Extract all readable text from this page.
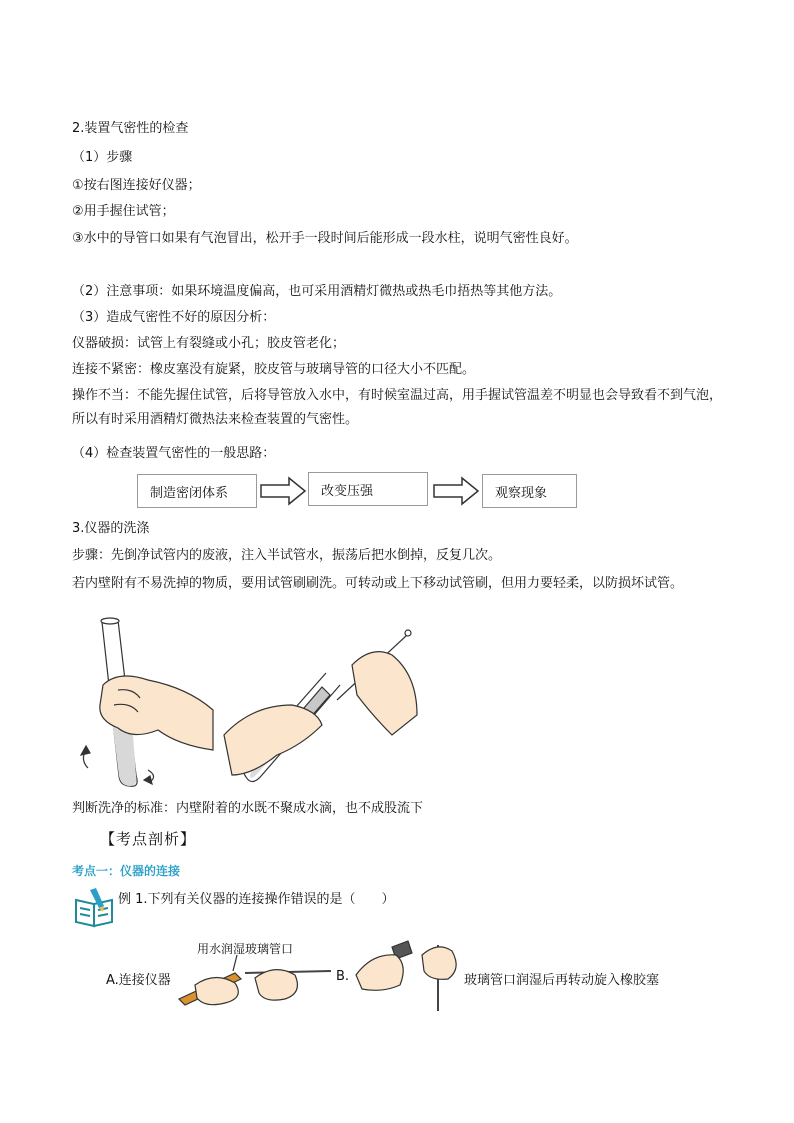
2.装置气密性的检查
（1）步骤
①按右图连接好仪器；
②用手握住试管；
③水中的导管口如果有气泡冒出，松开手一段时间后能形成一段水柱，说明气密性良好。
（2）注意事项：如果环境温度偏高，也可采用酒精灯微热或热毛巾捂热等其他方法。
（3）造成气密性不好的原因分析：
仪器破损：试管上有裂缝或小孔；胶皮管老化；
连接不紧密：橡皮塞没有旋紧，胶皮管与玻璃导管的口径大小不匹配。
操作不当：不能先握住试管，后将导管放入水中，有时候室温过高，用手握试管温差不明显也会导致看不到气泡，所以有时采用酒精灯微热法来检查装置的气密性。
（4）检查装置气密性的一般思路：
制造密闭体系	改变压强	观察现象
3.仪器的洗涤
步骤：先倒净试管内的废液，注入半试管水，振荡后把水倒掉，反复几次。
若内壁附有不易洗掉的物质，要用试管刷刷洗。可转动或上下移动试管刷，但用力要轻柔，以防损坏试管。
判断洗净的标准：内壁附着的水既不聚成水滴，也不成股流下
【考点剖析】
考点一：仪器的连接
例 1.下列有关仪器的连接操作错误的是（　　）
A.连接仪器
用水润湿玻璃管口
B.	玻璃管口润湿后再转动旋入橡胶塞
